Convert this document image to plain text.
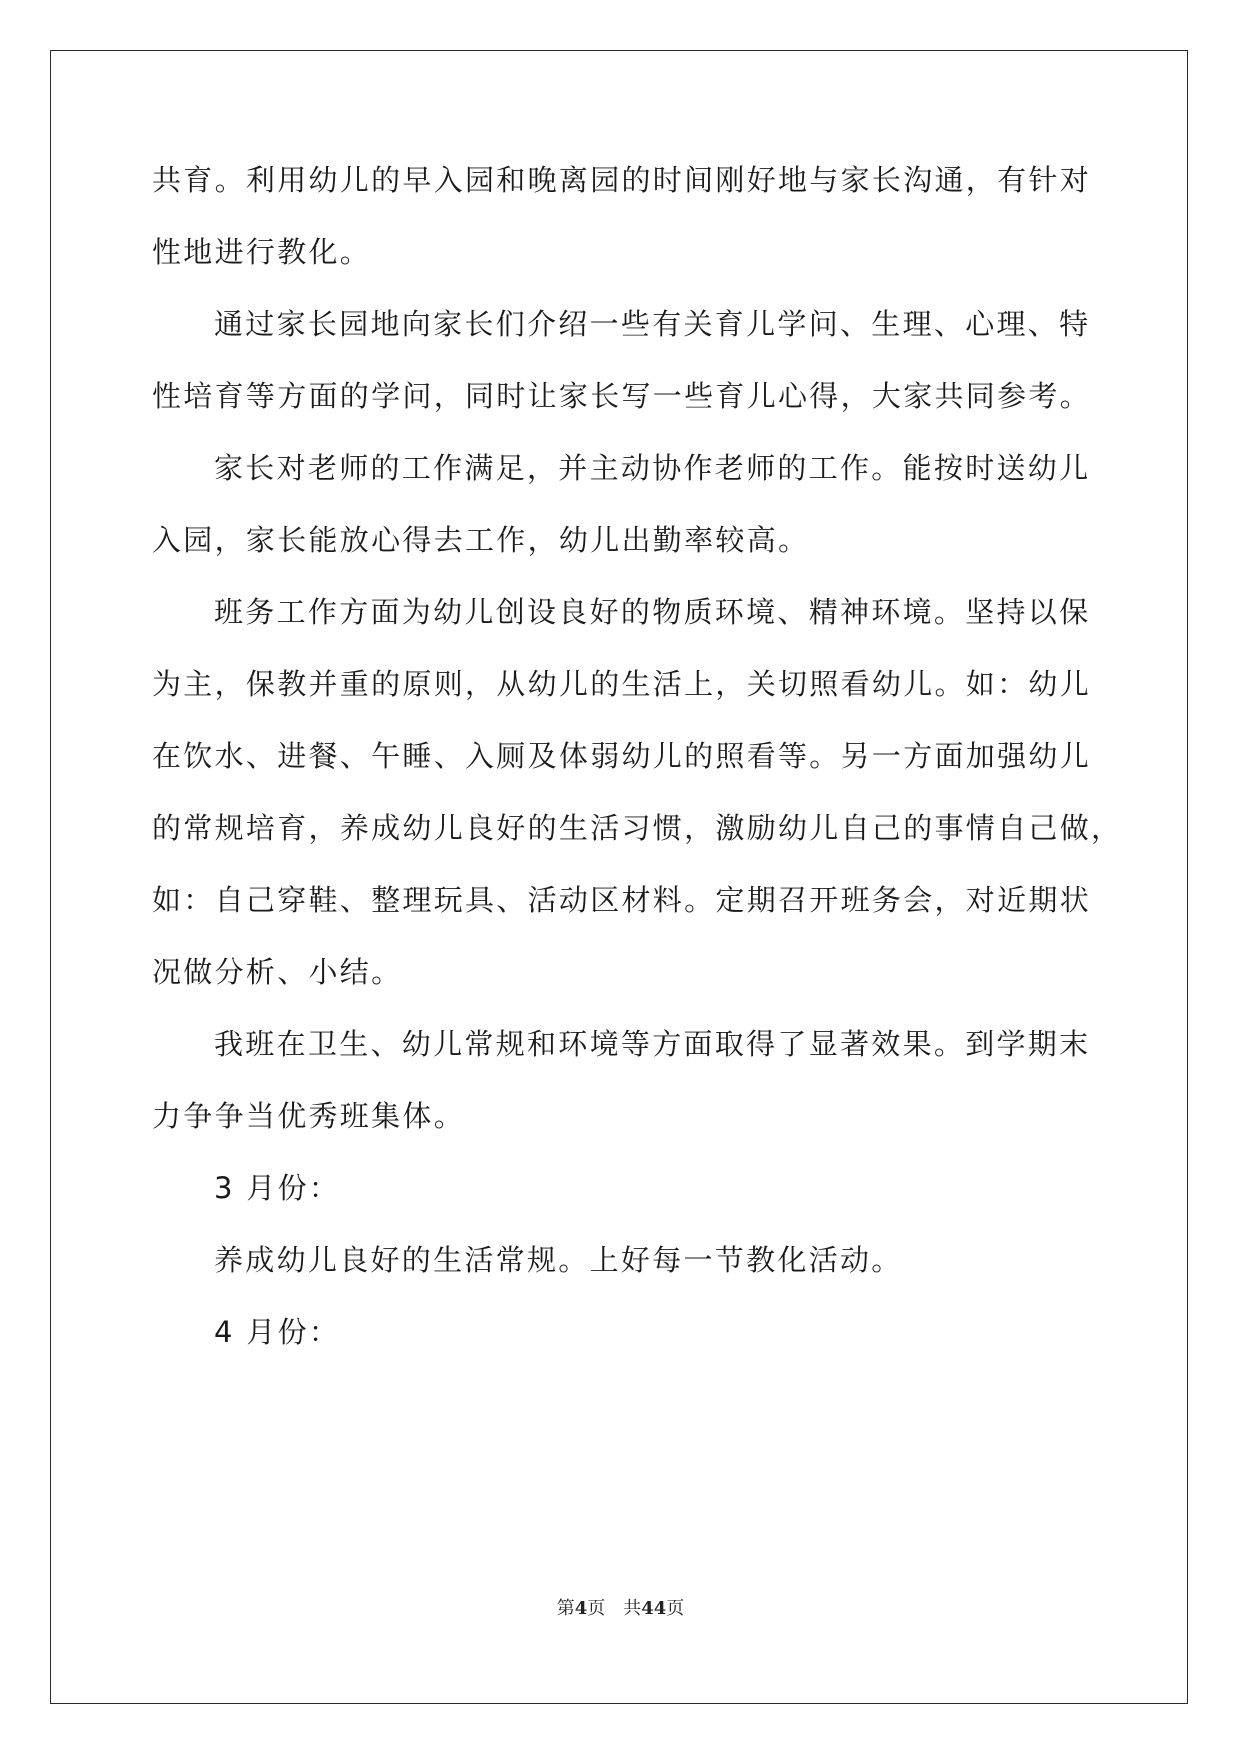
共育。利用幼儿的早入园和晚离园的时间刚好地与家长沟通，有针对
性地进行教化。
通过家长园地向家长们介绍一些有关育儿学问、生理、心理、特
性培育等方面的学问，同时让家长写一些育儿心得，大家共同参考。
家长对老师的工作满足，并主动协作老师的工作。能按时送幼儿
入园，家长能放心得去工作，幼儿出勤率较高。
班务工作方面为幼儿创设良好的物质环境、精神环境。坚持以保
为主，保教并重的原则，从幼儿的生活上，关切照看幼儿。如：幼儿
在饮水、进餐、午睡、入厕及体弱幼儿的照看等。另一方面加强幼儿
的常规培育，养成幼儿良好的生活习惯，激励幼儿自己的事情自己做，
如：自己穿鞋、整理玩具、活动区材料。定期召开班务会，对近期状
况做分析、小结。
我班在卫生、幼儿常规和环境等方面取得了显著效果。到学期末
力争争当优秀班集体。
3 月份：
养成幼儿良好的生活常规。上好每一节教化活动。
4 月份：
第4页 共44页
